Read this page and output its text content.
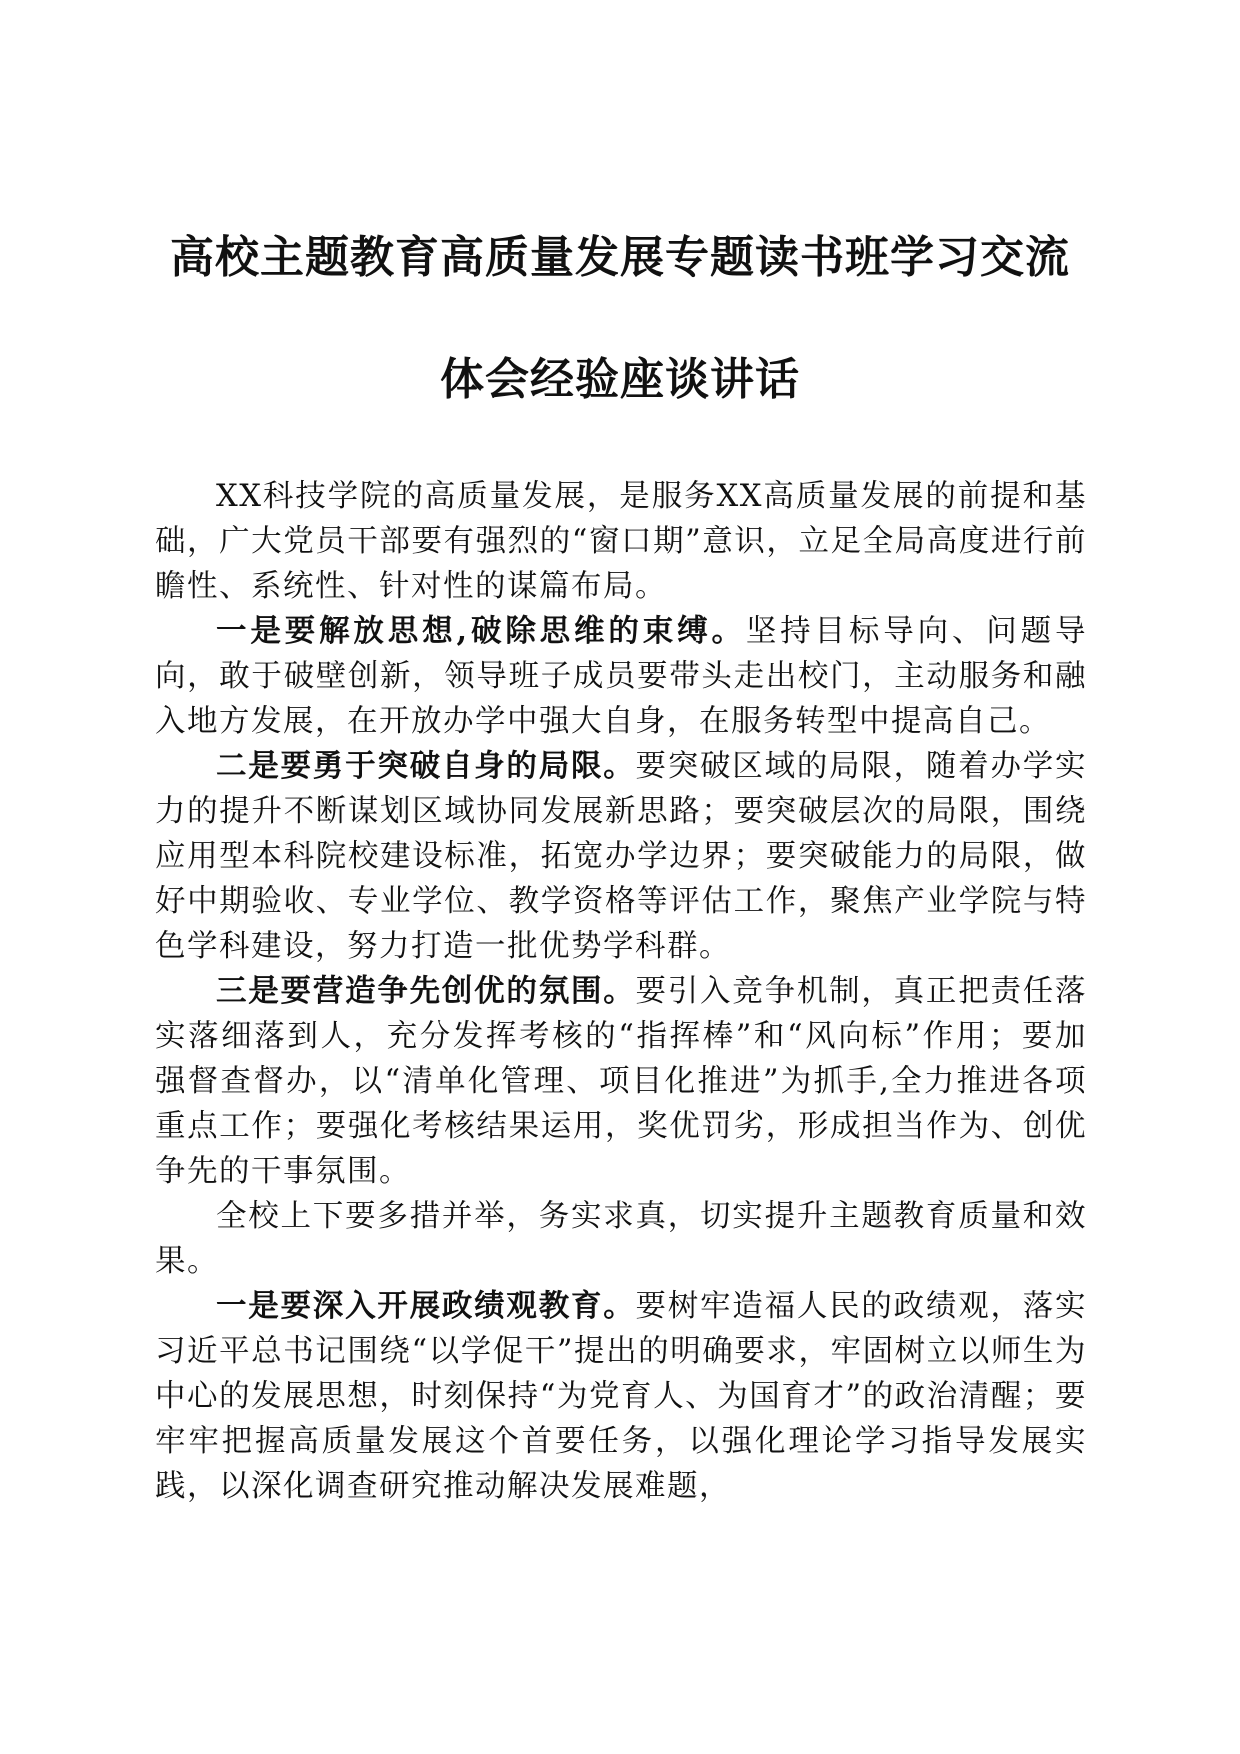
高校主题教育高质量发展专题读书班学习交流
体会经验座谈讲话

XX科技学院的高质量发展，是服务XX高质量发展的前提和基础，广大党员干部要有强烈的“窗口期”意识，立足全局高度进行前瞻性、系统性、针对性的谋篇布局。

一是要解放思想,破除思维的束缚。坚持目标导向、问题导向，敢于破壁创新，领导班子成员要带头走出校门，主动服务和融入地方发展，在开放办学中强大自身，在服务转型中提高自己。

二是要勇于突破自身的局限。要突破区域的局限，随着办学实力的提升不断谋划区域协同发展新思路；要突破层次的局限，围绕应用型本科院校建设标准，拓宽办学边界；要突破能力的局限，做好中期验收、专业学位、教学资格等评估工作，聚焦产业学院与特色学科建设，努力打造一批优势学科群。

三是要营造争先创优的氛围。要引入竞争机制，真正把责任落实落细落到人，充分发挥考核的“指挥棒”和“风向标”作用；要加强督查督办，以“清单化管理、项目化推进”为抓手,全力推进各项重点工作；要强化考核结果运用，奖优罚劣，形成担当作为、创优争先的干事氛围。

全校上下要多措并举，务实求真，切实提升主题教育质量和效果。

一是要深入开展政绩观教育。要树牢造福人民的政绩观，落实习近平总书记围绕“以学促干”提出的明确要求，牢固树立以师生为中心的发展思想，时刻保持“为党育人、为国育才”的政治清醒；要牢牢把握高质量发展这个首要任务，以强化理论学习指导发展实践，以深化调查研究推动解决发展难题，
